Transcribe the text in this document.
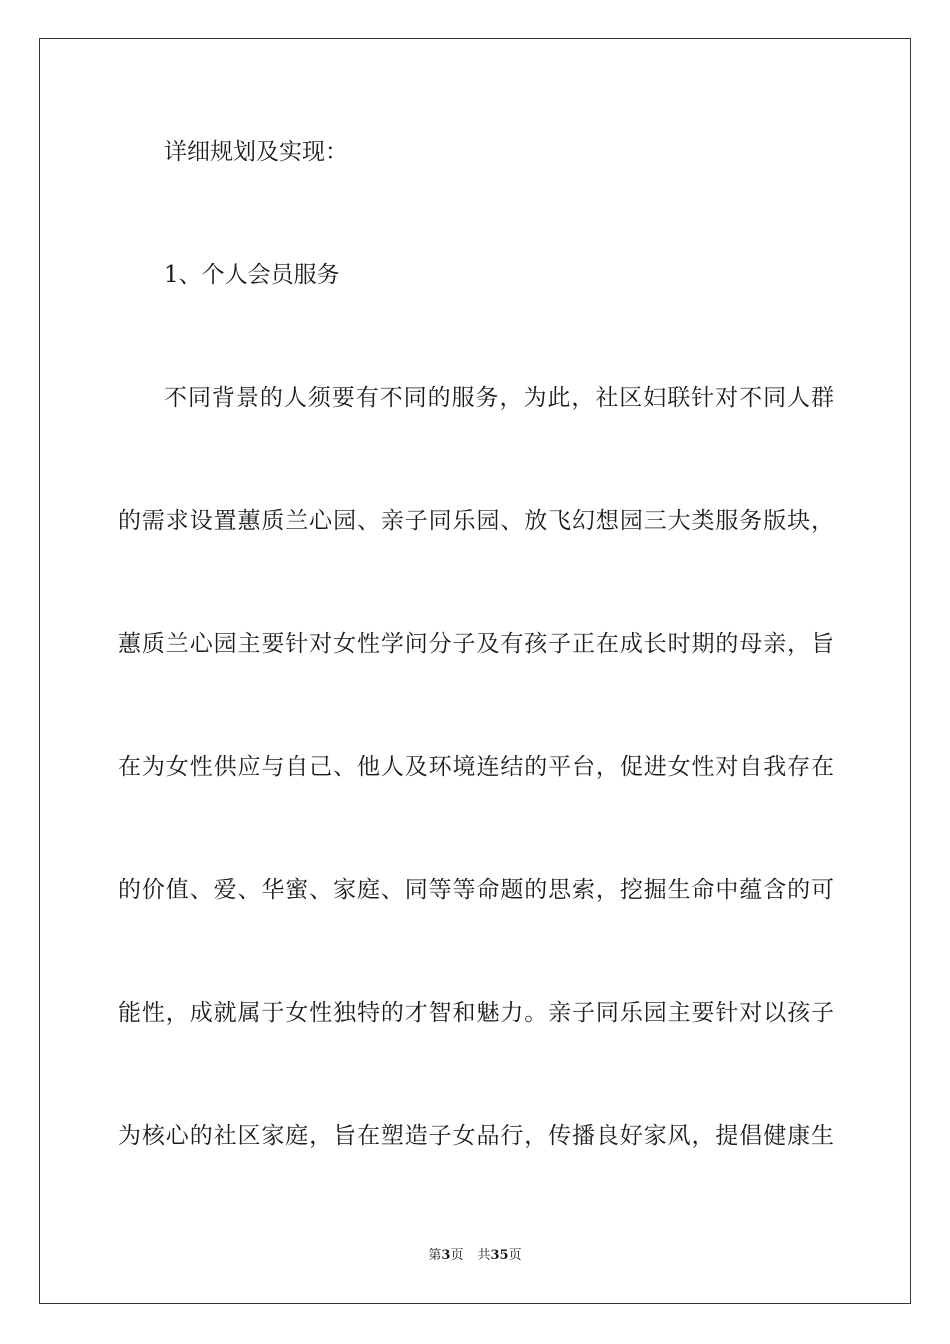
详细规划及实现：
1、个人会员服务
不同背景的人须要有不同的服务，为此，社区妇联针对不同人群
的需求设置蕙质兰心园、亲子同乐园、放飞幻想园三大类服务版块，
蕙质兰心园主要针对女性学问分子及有孩子正在成长时期的母亲，旨
在为女性供应与自己、他人及环境连结的平台，促进女性对自我存在
的价值、爱、华蜜、家庭、同等等命题的思索，挖掘生命中蕴含的可
能性，成就属于女性独特的才智和魅力。亲子同乐园主要针对以孩子
为核心的社区家庭，旨在塑造子女品行，传播良好家风，提倡健康生
第3页 共35页
